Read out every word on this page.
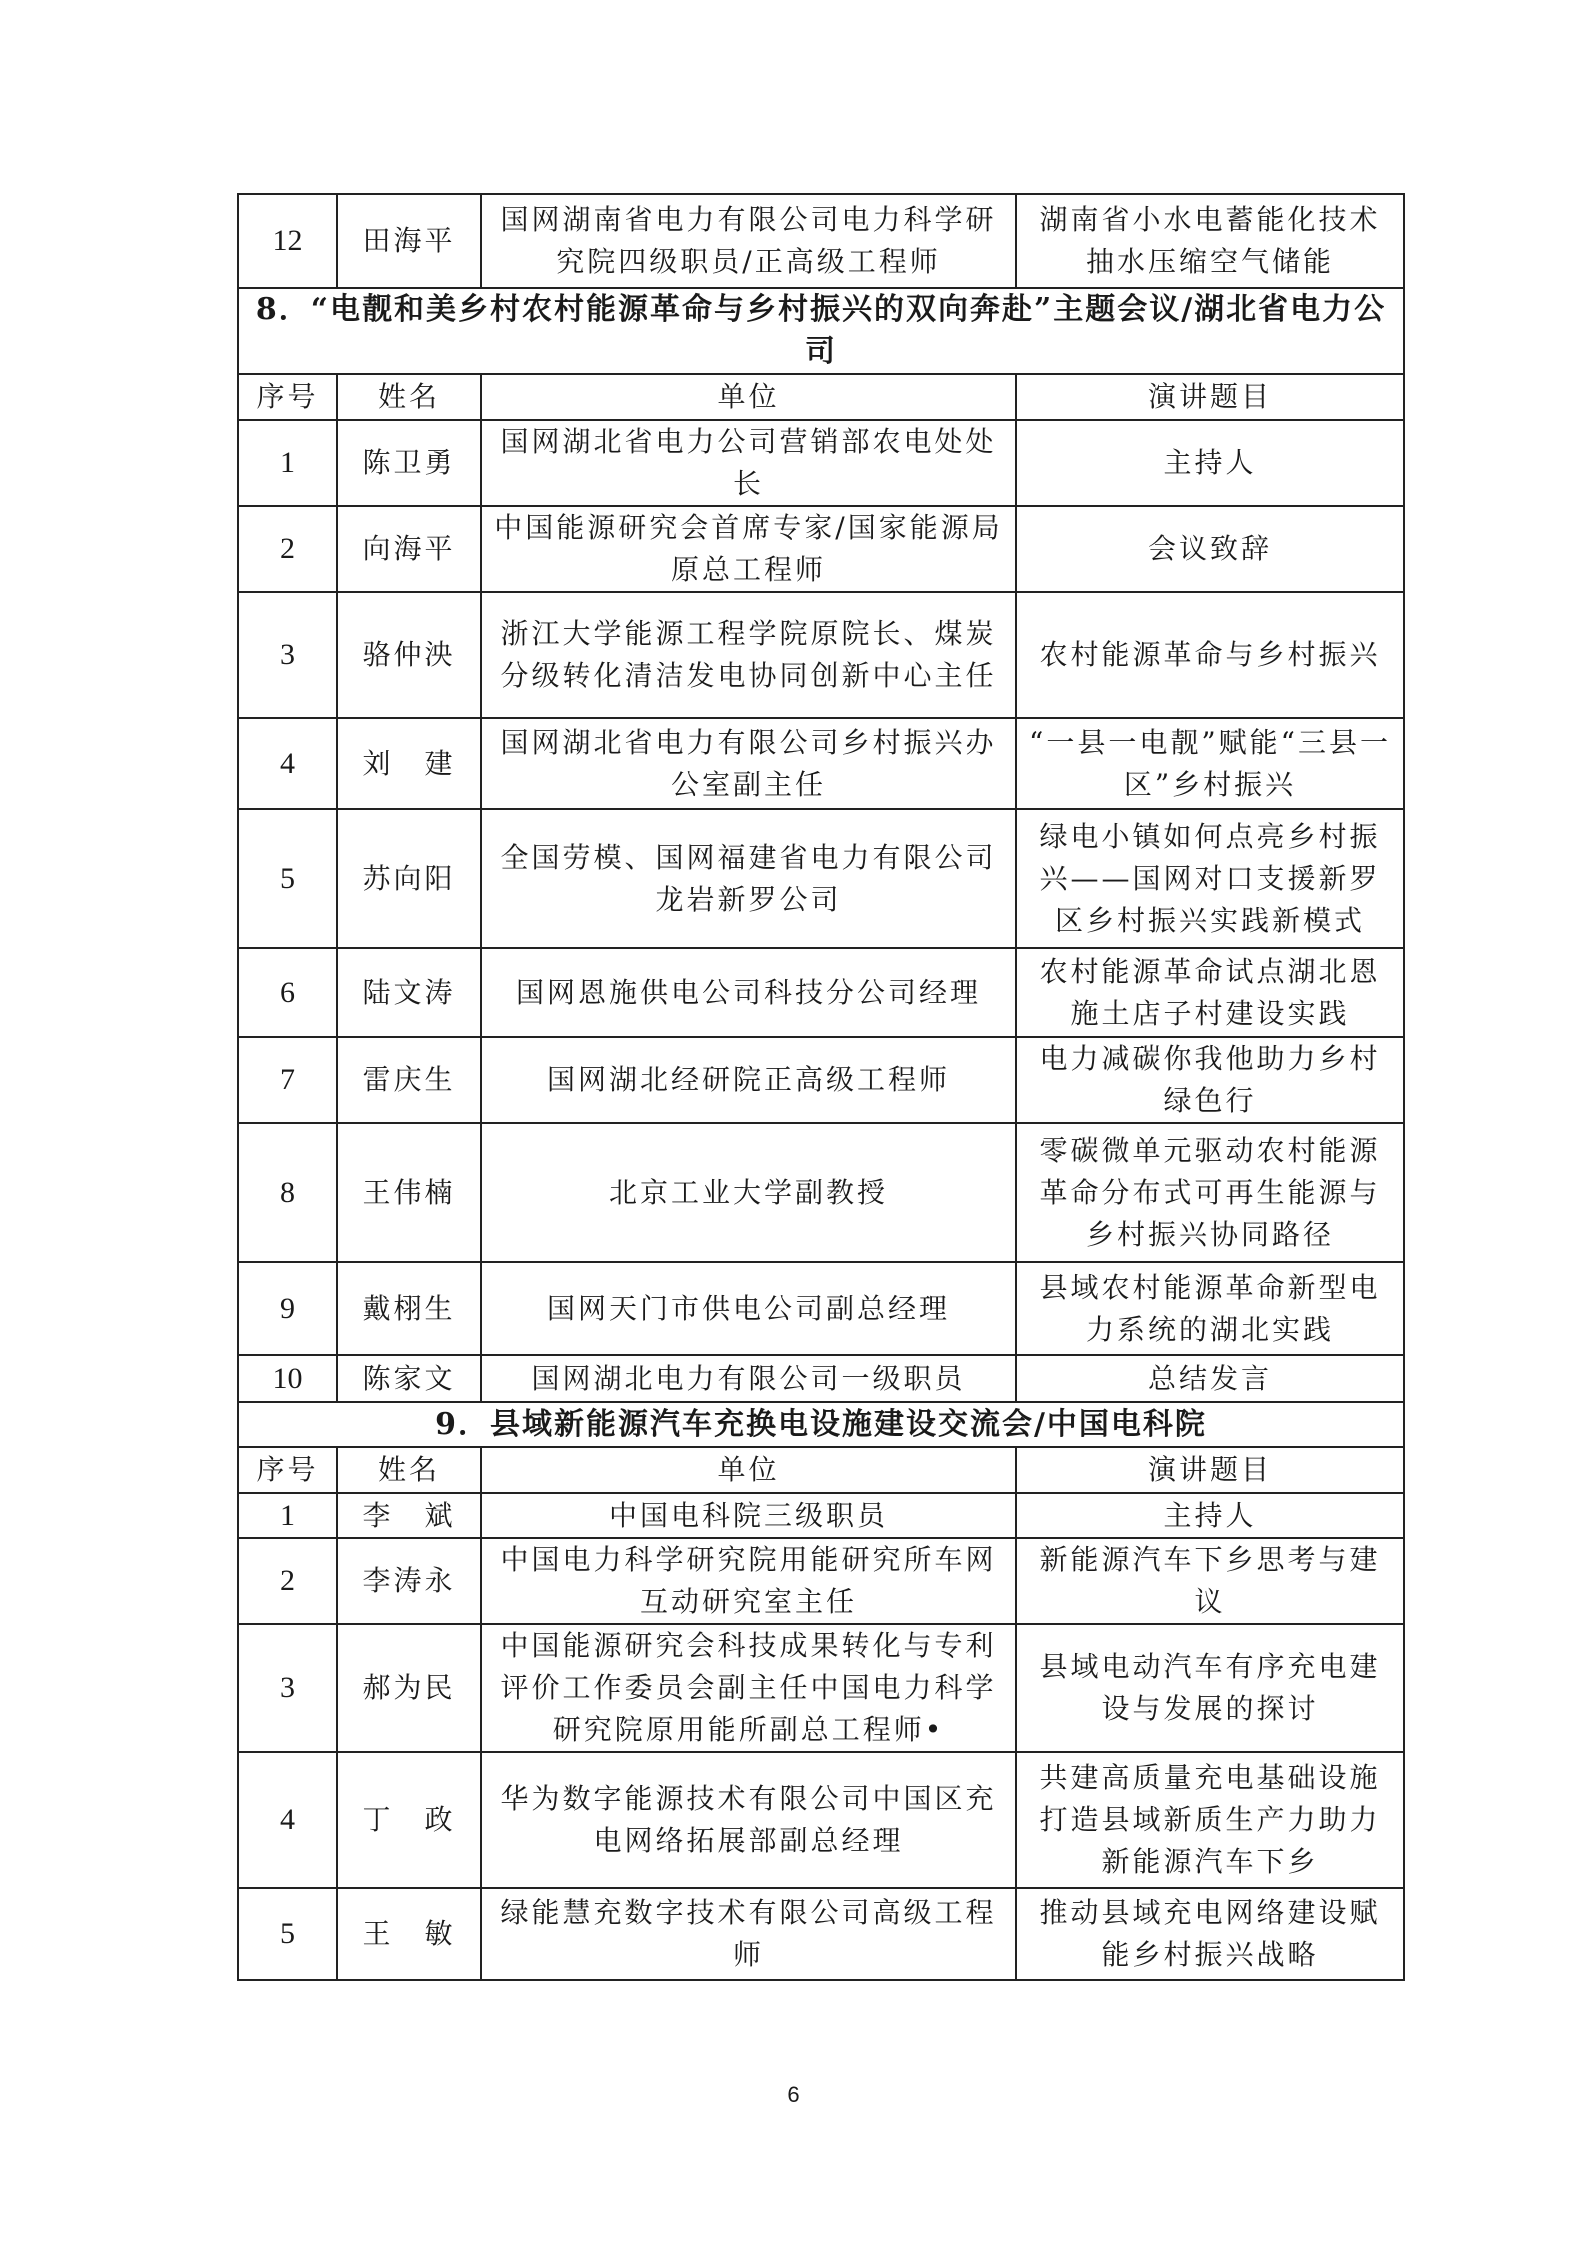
12	田海平	国网湖南省电力有限公司电力科学研究院四级职员/正高级工程师	湖南省小水电蓄能化技术抽水压缩空气储能
8．“电靓和美乡村农村能源革命与乡村振兴的双向奔赴”主题会议/湖北省电力公司			
序号	姓名	单位	演讲题目
1	陈卫勇	国网湖北省电力公司营销部农电处处长	主持人
2	向海平	中国能源研究会首席专家/国家能源局原总工程师	会议致辞
3	骆仲泱	浙江大学能源工程学院原院长、煤炭分级转化清洁发电协同创新中心主任	农村能源革命与乡村振兴
4	刘　建	国网湖北省电力有限公司乡村振兴办公室副主任	“一县一电靓”赋能“三县一区”乡村振兴
5	苏向阳	全国劳模、国网福建省电力有限公司龙岩新罗公司	绿电小镇如何点亮乡村振兴——国网对口支援新罗区乡村振兴实践新模式
6	陆文涛	国网恩施供电公司科技分公司经理	农村能源革命试点湖北恩施土店子村建设实践
7	雷庆生	国网湖北经研院正高级工程师	电力减碳你我他助力乡村绿色行
8	王伟楠	北京工业大学副教授	零碳微单元驱动农村能源革命分布式可再生能源与乡村振兴协同路径
9	戴栩生	国网天门市供电公司副总经理	县域农村能源革命新型电力系统的湖北实践
10	陈家文	国网湖北电力有限公司一级职员	总结发言
9．县域新能源汽车充换电设施建设交流会/中国电科院			
序号	姓名	单位	演讲题目
1	李　斌	中国电科院三级职员	主持人
2	李涛永	中国电力科学研究院用能研究所车网互动研究室主任	新能源汽车下乡思考与建议
3	郝为民	中国能源研究会科技成果转化与专利评价工作委员会副主任中国电力科学研究院原用能所副总工程师•	县域电动汽车有序充电建设与发展的探讨
4	丁　政	华为数字能源技术有限公司中国区充电网络拓展部副总经理	共建高质量充电基础设施打造县域新质生产力助力新能源汽车下乡
5	王　敏	绿能慧充数字技术有限公司高级工程师	推动县域充电网络建设赋能乡村振兴战略
6
